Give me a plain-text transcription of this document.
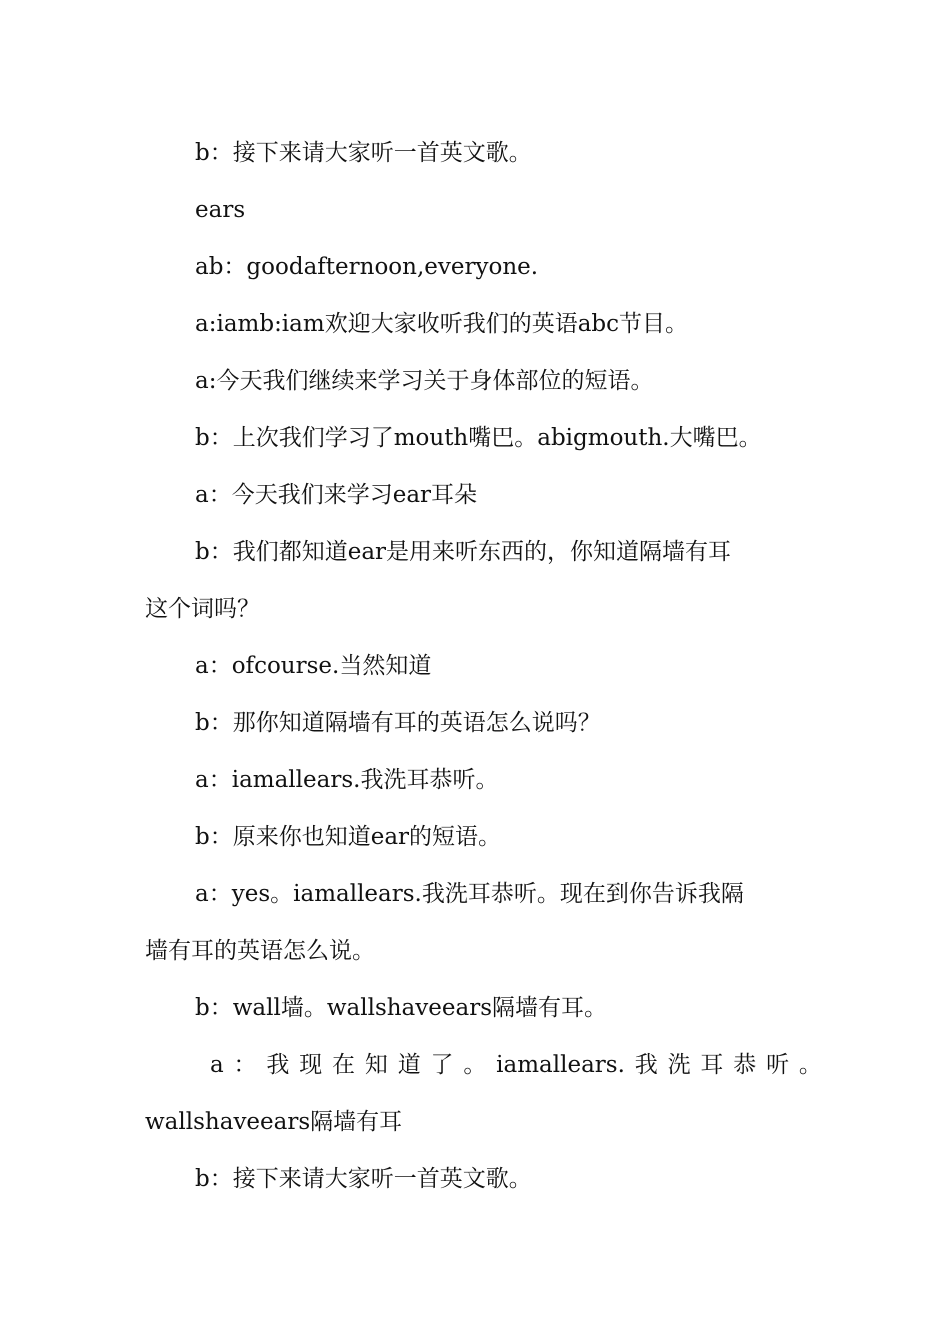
b：接下来请大家听一首英文歌。
ears
ab：goodafternoon,everyone.
a:iamb:iam欢迎大家收听我们的英语abc节目。
a:今天我们继续来学习关于身体部位的短语。
b：上次我们学习了mouth嘴巴。abigmouth.大嘴巴。
a：今天我们来学习ear耳朵
b：我们都知道ear是用来听东西的，你知道隔墙有耳
这个词吗？
a：ofcourse.当然知道
b：那你知道隔墙有耳的英语怎么说吗？
a：iamallears.我洗耳恭听。
b：原来你也知道ear的短语。
a：yes。iamallears.我洗耳恭听。现在到你告诉我隔
墙有耳的英语怎么说。
b：wall墙。wallshaveears隔墙有耳。
a ： 我 现 在 知 道 了 。 iamallears. 我 洗 耳 恭 听 。
wallshaveears隔墙有耳
b：接下来请大家听一首英文歌。
